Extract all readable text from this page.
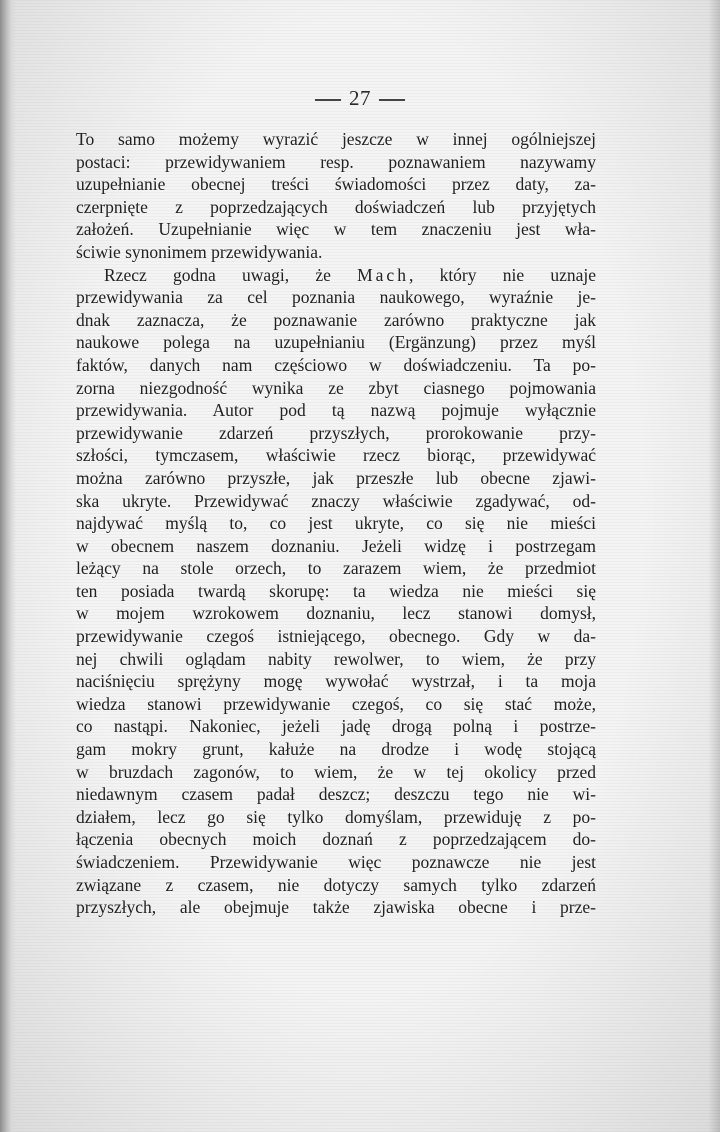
27
To samo możemy wyrazić jeszcze w innej ogólniejszej
postaci: przewidywaniem resp. poznawaniem nazywamy
uzupełnianie obecnej treści świadomości przez daty, za-
czerpnięte z poprzedzających doświadczeń lub przyjętych
założeń. Uzupełnianie więc w tem znaczeniu jest wła-
ściwie synonimem przewidywania.
Rzecz godna uwagi, że Mach, który nie uznaje
przewidywania za cel poznania naukowego, wyraźnie je-
dnak zaznacza, że poznawanie zarówno praktyczne jak
naukowe polega na uzupełnianiu (Ergänzung) przez myśl
faktów, danych nam częściowo w doświadczeniu. Ta po-
zorna niezgodność wynika ze zbyt ciasnego pojmowania
przewidywania. Autor pod tą nazwą pojmuje wyłącznie
przewidywanie zdarzeń przyszłych, prorokowanie przy-
szłości, tymczasem, właściwie rzecz biorąc, przewidywać
można zarówno przyszłe, jak przeszłe lub obecne zjawi-
ska ukryte. Przewidywać znaczy właściwie zgadywać, od-
najdywać myślą to, co jest ukryte, co się nie mieści
w obecnem naszem doznaniu. Jeżeli widzę i postrzegam
leżący na stole orzech, to zarazem wiem, że przedmiot
ten posiada twardą skorupę: ta wiedza nie mieści się
w mojem wzrokowem doznaniu, lecz stanowi domysł,
przewidywanie czegoś istniejącego, obecnego. Gdy w da-
nej chwili oglądam nabity rewolwer, to wiem, że przy
naciśnięciu sprężyny mogę wywołać wystrzał, i ta moja
wiedza stanowi przewidywanie czegoś, co się stać może,
co nastąpi. Nakoniec, jeżeli jadę drogą polną i postrze-
gam mokry grunt, kałuże na drodze i wodę stojącą
w bruzdach zagonów, to wiem, że w tej okolicy przed
niedawnym czasem padał deszcz; deszczu tego nie wi-
działem, lecz go się tylko domyślam, przewiduję z po-
łączenia obecnych moich doznań z poprzedzającem do-
świadczeniem. Przewidywanie więc poznawcze nie jest
związane z czasem, nie dotyczy samych tylko zdarzeń
przyszłych, ale obejmuje także zjawiska obecne i prze-
